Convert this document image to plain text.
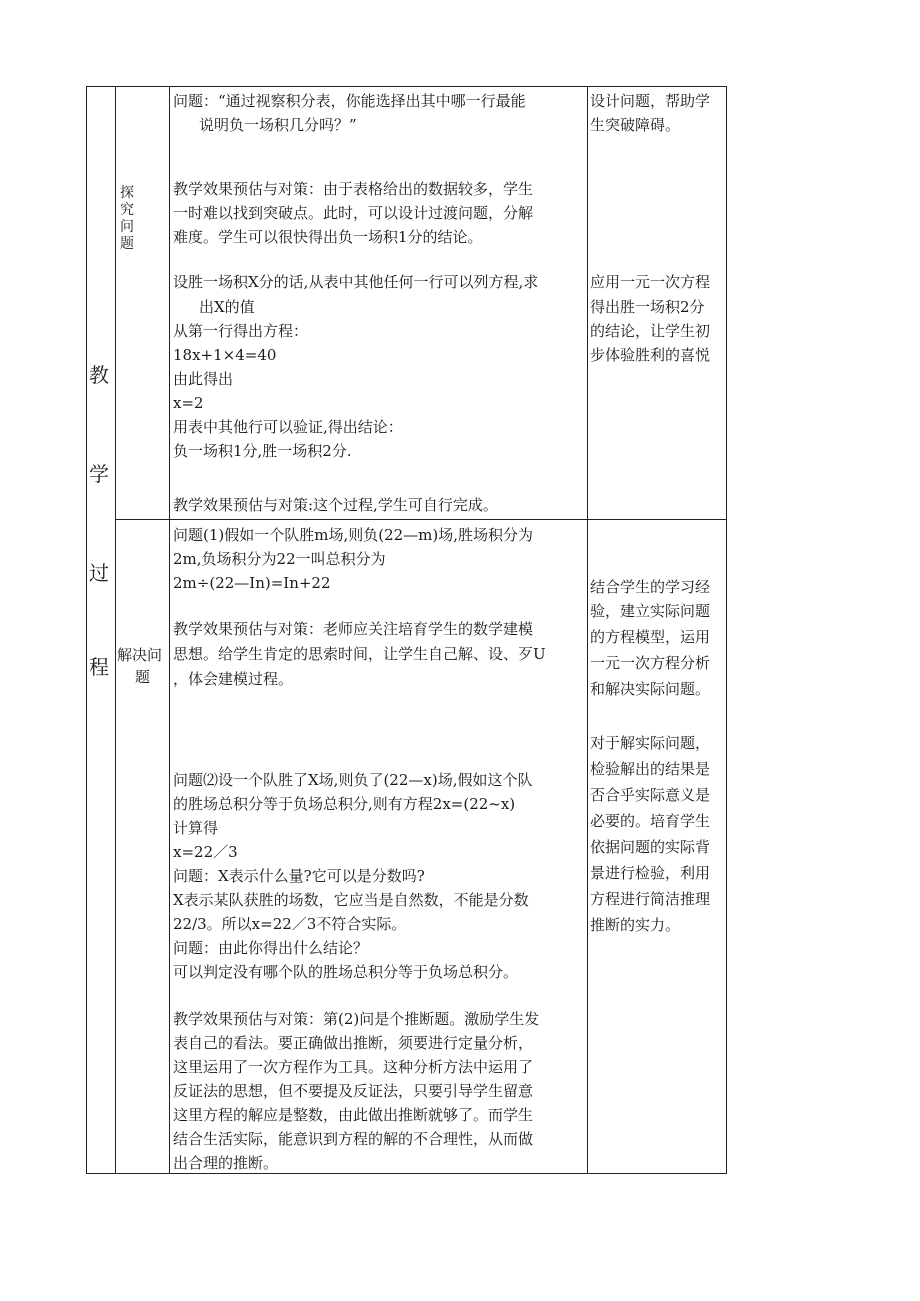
教
学
过
程
探
究
问
题
问题：“通过视察积分表，你能选择出其中哪一行最能
说明负一场积几分吗？”
教学效果预估与对策：由于表格给出的数据较多，学生
一时难以找到突破点。此时，可以设计过渡问题，分解
难度。学生可以很快得出负一场积1分的结论。
设胜一场积X分的话,从表中其他任何一行可以列方程,求
出X的值
从第一行得出方程：
18x+1×4=40
由此得出
x=2
用表中其他行可以验证,得出结论：
负一场积1分,胜一场积2分.
教学效果预估与对策:这个过程,学生可自行完成。
设计问题，帮助学
生突破障碍。
应用一元一次方程
得出胜一场积2分
的结论，让学生初
步体验胜利的喜悦
解决问
题
问题(1)假如一个队胜m场,则负(22—m)场,胜场积分为
2m,负场积分为22一叫总积分为
2m÷(22—In)=In+22
教学效果预估与对策：老师应关注培育学生的数学建模
思想。给学生肯定的思索时间，让学生自己解、设、歹U
，体会建模过程。
问题⑵设一个队胜了X场,则负了(22—x)场,假如这个队
的胜场总积分等于负场总积分,则有方程2x=(22~x)
计算得
x=22／3
问题：X表示什么量?它可以是分数吗?
X表示某队获胜的场数，它应当是自然数，不能是分数
22/3。所以x=22／3不符合实际。
问题：由此你得出什么结论？
可以判定没有哪个队的胜场总积分等于负场总积分。
教学效果预估与对策：第(2)问是个推断题。激励学生发
表自己的看法。要正确做出推断，须要进行定量分析，
这里运用了一次方程作为工具。这种分析方法中运用了
反证法的思想，但不要提及反证法，只要引导学生留意
这里方程的解应是整数，由此做出推断就够了。而学生
结合生活实际，能意识到方程的解的不合理性，从而做
出合理的推断。
结合学生的学习经
验，建立实际问题
的方程模型，运用
一元一次方程分析
和解决实际问题。
对于解实际问题，
检验解出的结果是
否合乎实际意义是
必要的。培育学生
依据问题的实际背
景进行检验，利用
方程进行简洁推理
推断的实力。
